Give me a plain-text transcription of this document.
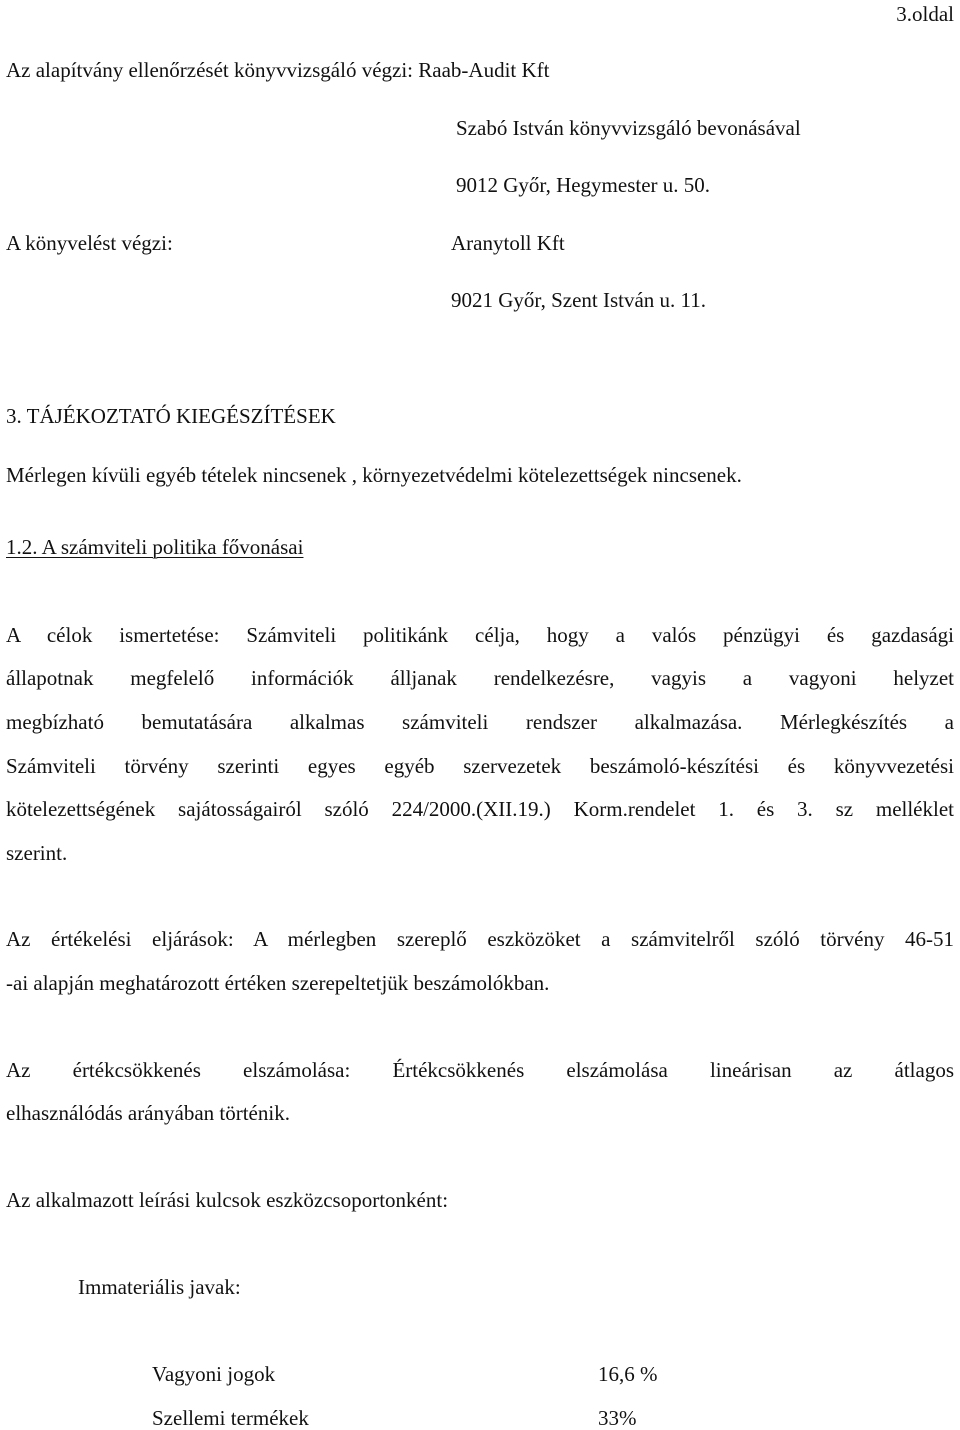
3.oldal
Az alapítvány ellenőrzését könyvvizsgáló végzi: Raab-Audit Kft
Szabó István könyvvizsgáló bevonásával
9012 Győr, Hegymester u. 50.
A könyvelést végzi:	Aranytoll Kft
9021 Győr, Szent István u. 11.
3. TÁJÉKOZTATÓ KIEGÉSZÍTÉSEK
Mérlegen kívüli egyéb tételek nincsenek , környezetvédelmi kötelezettségek nincsenek.
1.2. A számviteli politika fővonásai
A célok ismertetése: Számviteli politikánk célja, hogy a valós pénzügyi és gazdasági
állapotnak megfelelő információk álljanak rendelkezésre, vagyis a vagyoni helyzet
megbízható bemutatására alkalmas számviteli rendszer alkalmazása. Mérlegkészítés a
Számviteli törvény szerinti egyes egyéb szervezetek beszámoló-készítési és könyvvezetési
kötelezettségének sajátosságairól szóló 224/2000.(XII.19.) Korm.rendelet 1. és 3. sz melléklet
szerint.
Az értékelési eljárások: A mérlegben szereplő eszközöket a számvitelről szóló törvény 46-51
-ai alapján meghatározott értéken szerepeltetjük beszámolókban.
Az értékcsökkenés elszámolása: Értékcsökkenés elszámolása lineárisan az átlagos
elhasználódás arányában történik.
Az alkalmazott leírási kulcsok eszközcsoportonként:
Immateriális javak:
Vagyoni jogok	16,6 %
Szellemi termékek	33%
